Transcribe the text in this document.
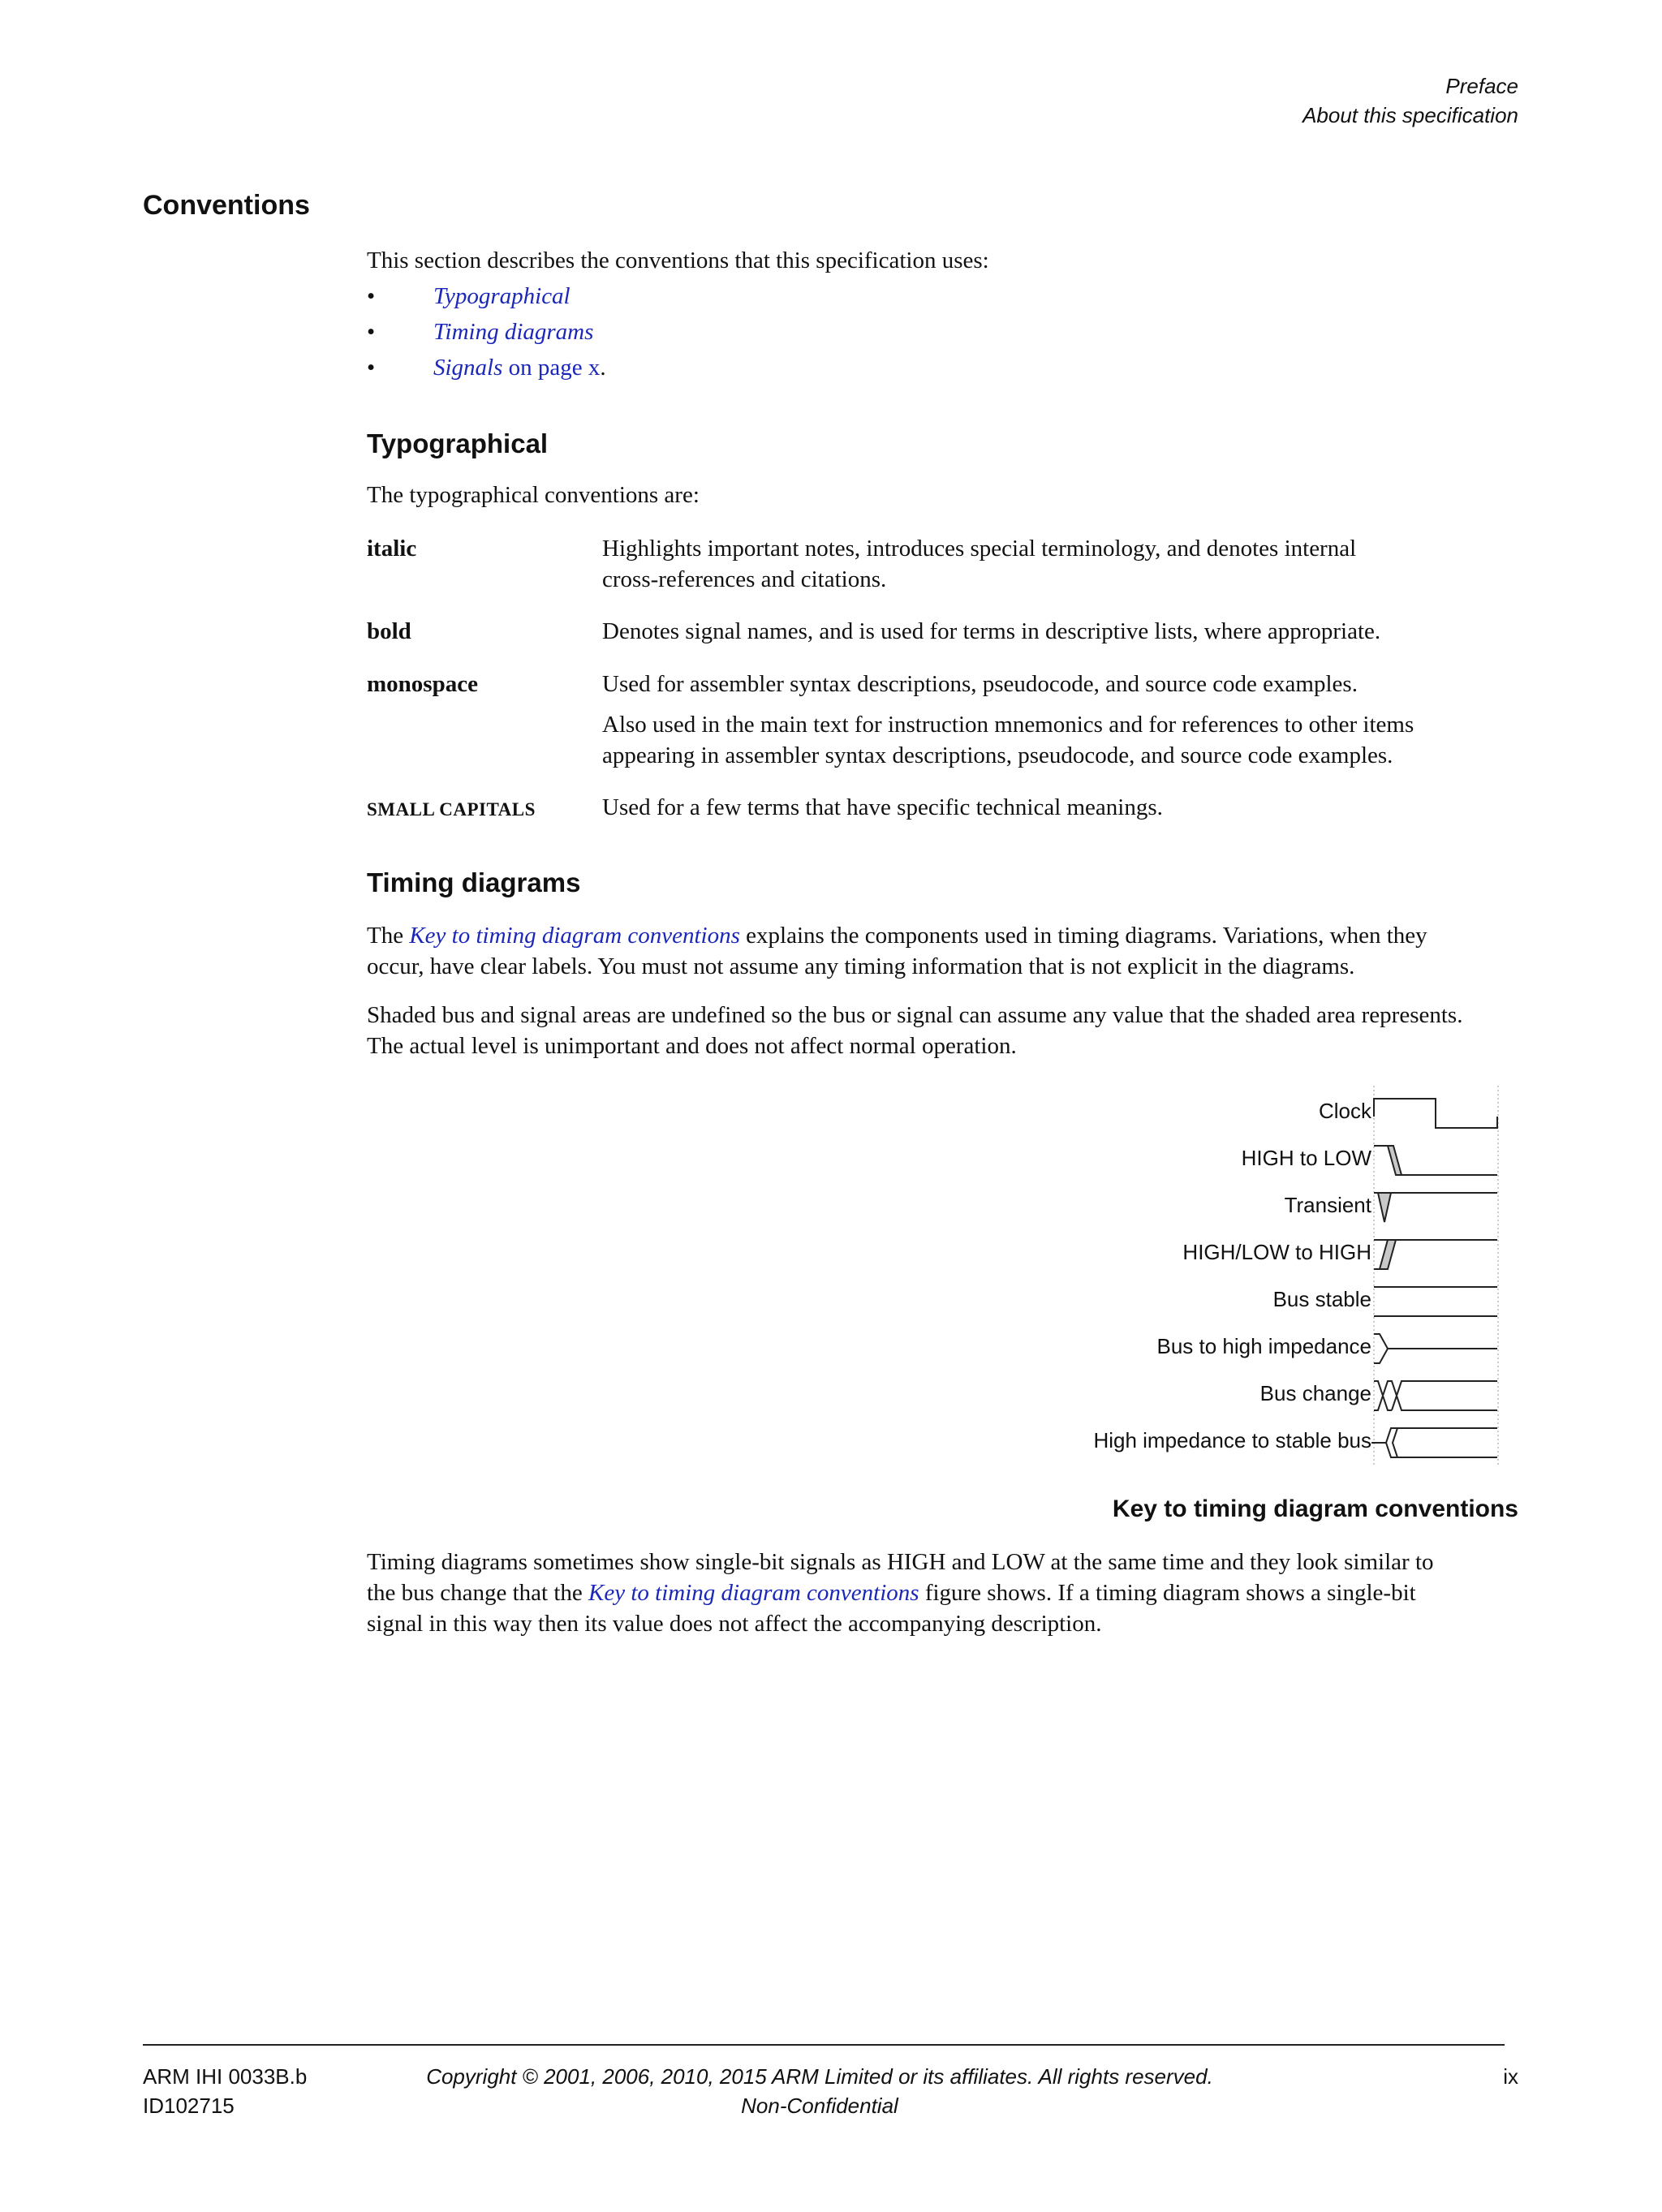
Preface
About this specification
Conventions

This section describes the conventions that this specification uses:

• Typographical
• Timing diagrams
• Signals on page x.
Typographical

The typographical conventions are:

italic	Highlights important notes, introduces special terminology, and denotes internal
cross-references and citations.
bold	Denotes signal names, and is used for terms in descriptive lists, where appropriate.
monospace	Used for assembler syntax descriptions, pseudocode, and source code examples.
Also used in the main text for instruction mnemonics and for references to other items
appearing in assembler syntax descriptions, pseudocode, and source code examples.
SMALL CAPITALS	Used for a few terms that have specific technical meanings.
Timing diagrams
The Key to timing diagram conventions explains the components used in timing diagrams. Variations, when they
occur, have clear labels. You must not assume any timing information that is not explicit in the diagrams.
Shaded bus and signal areas are undefined so the bus or signal can assume any value that the shaded area represents.
The actual level is unimportant and does not affect normal operation.
Clock
HIGH to LOW
Transient
HIGH/LOW to HIGH
Bus stable
Bus to high impedance
Bus change
High impedance to stable bus
Key to timing diagram conventions
Timing diagrams sometimes show single-bit signals as HIGH and LOW at the same time and they look similar to
the bus change that the Key to timing diagram conventions figure shows. If a timing diagram shows a single-bit
signal in this way then its value does not affect the accompanying description.
ARM IHI 0033B.b
ID102715
Copyright © 2001, 2006, 2010, 2015 ARM Limited or its affiliates. All rights reserved.
Non-Confidential
ix
